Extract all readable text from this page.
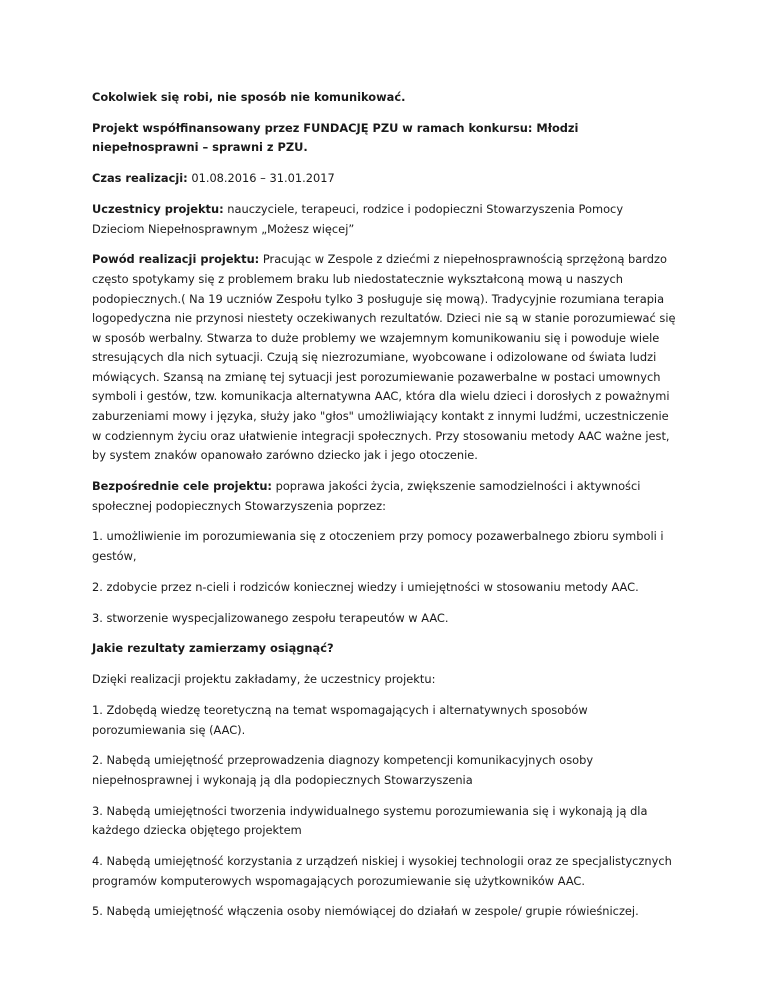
Cokolwiek się robi, nie sposób nie komunikować.

Projekt współfinansowany przez FUNDACJĘ PZU w ramach konkursu: Młodzi niepełnosprawni – sprawni z PZU.

Czas realizacji: 01.08.2016 – 31.01.2017

Uczestnicy projektu: nauczyciele, terapeuci, rodzice i podopieczni Stowarzyszenia Pomocy Dzieciom Niepełnosprawnym „Możesz więcej”

Powód realizacji projektu: Pracując w Zespole z dziećmi z niepełnosprawnością sprzężoną bardzo często spotykamy się z problemem braku lub niedostatecznie wykształconą mową u naszych podopiecznych.( Na 19 uczniów Zespołu tylko 3 posługuje się mową). Tradycyjnie rozumiana terapia logopedyczna nie przynosi niestety oczekiwanych rezultatów. Dzieci nie są w stanie porozumiewać się w sposób werbalny. Stwarza to duże problemy we wzajemnym komunikowaniu się i powoduje wiele stresujących dla nich sytuacji. Czują się niezrozumiane, wyobcowane i odizolowane od świata ludzi mówiących. Szansą na zmianę tej sytuacji jest porozumiewanie pozawerbalne w postaci umownych symboli i gestów, tzw. komunikacja alternatywna AAC, która dla wielu dzieci i dorosłych z poważnymi zaburzeniami mowy i języka, służy jako "głos" umożliwiający kontakt z innymi ludźmi, uczestniczenie w codziennym życiu oraz ułatwienie integracji społecznych. Przy stosowaniu metody AAC ważne jest, by system znaków opanowało zarówno dziecko jak i jego otoczenie.

Bezpośrednie cele projektu: poprawa jakości życia, zwiększenie samodzielności i aktywności społecznej podopiecznych Stowarzyszenia poprzez:

1. umożliwienie im porozumiewania się z otoczeniem przy pomocy pozawerbalnego zbioru symboli i gestów,

2. zdobycie przez n-cieli i rodziców koniecznej wiedzy i umiejętności w stosowaniu metody AAC.

3. stworzenie wyspecjalizowanego zespołu terapeutów w AAC.

Jakie rezultaty zamierzamy osiągnąć?

Dzięki realizacji projektu zakładamy, że uczestnicy projektu:

1. Zdobędą wiedzę teoretyczną na temat wspomagających i alternatywnych sposobów porozumiewania się (AAC).

2. Nabędą umiejętność przeprowadzenia diagnozy kompetencji komunikacyjnych osoby niepełnosprawnej i wykonają ją dla podopiecznych Stowarzyszenia

3. Nabędą umiejętności tworzenia indywidualnego systemu porozumiewania się i wykonają ją dla każdego dziecka objętego projektem

4. Nabędą umiejętność korzystania z urządzeń niskiej i wysokiej technologii oraz ze specjalistycznych programów komputerowych wspomagających porozumiewanie się użytkowników AAC.

5. Nabędą umiejętność włączenia osoby niemówiącej do działań w zespole/ grupie rówieśniczej.
